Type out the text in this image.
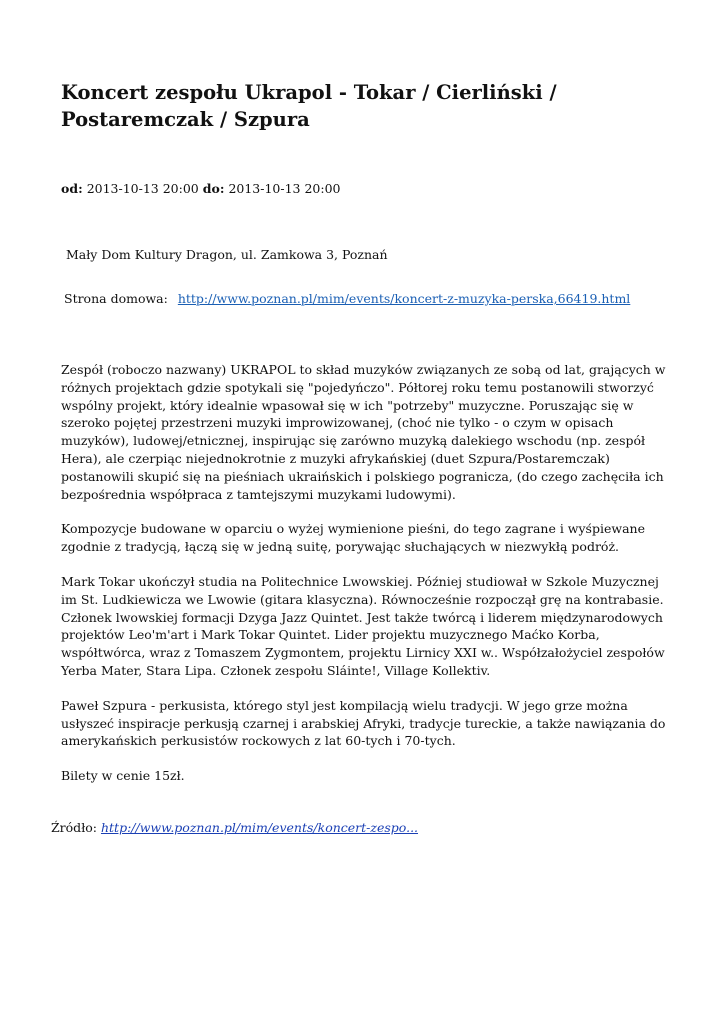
Koncert zespołu Ukrapol - Tokar / Cierliński / Postaremczak / Szpura
od: 2013-10-13 20:00 do: 2013-10-13 20:00
Mały Dom Kultury Dragon, ul. Zamkowa 3, Poznań
Strona domowa: http://www.poznan.pl/mim/events/koncert-z-muzyka-perska,66419.html

Zespół (roboczo nazwany) UKRAPOL to skład muzyków związanych ze sobą od lat, grających w różnych projektach gdzie spotykali się "pojedyńczo". Półtorej roku temu postanowili stworzyć wspólny projekt, który idealnie wpasował się w ich "potrzeby" muzyczne. Poruszając się w szeroko pojętej przestrzeni muzyki improwizowanej, (choć nie tylko - o czym w opisach muzyków), ludowej/etnicznej, inspirując się zarówno muzyką dalekiego wschodu (np. zespół Hera), ale czerpiąc niejednokrotnie z muzyki afrykańskiej (duet Szpura/Postaremczak) postanowili skupić się na pieśniach ukraińskich i polskiego pogranicza, (do czego zachęciła ich bezpośrednia współpraca z tamtejszymi muzykami ludowymi).

Kompozycje budowane w oparciu o wyżej wymienione pieśni, do tego zagrane i wyśpiewane zgodnie z tradycją, łączą się w jedną suitę, porywając słuchających w niezwykłą podróż.

Mark Tokar ukończył studia na Politechnice Lwowskiej. Później studiował w Szkole Muzycznej im St. Ludkiewicza we Lwowie (gitara klasyczna). Równocześnie rozpoczął grę na kontrabasie. Członek lwowskiej formacji Dzyga Jazz Quintet. Jest także twórcą i liderem międzynarodowych projektów Leo'm'art i Mark Tokar Quintet. Lider projektu muzycznego Maćko Korba, współtwórca, wraz z Tomaszem Zygmontem, projektu Lirnicy XXI w.. Współzałożyciel zespołów Yerba Mater, Stara Lipa. Członek zespołu Sláinte!, Village Kollektiv.

Paweł Szpura - perkusista, którego styl jest kompilacją wielu tradycji. W jego grze można usłyszeć inspiracje perkusją czarnej i arabskiej Afryki, tradycje tureckie, a także nawiązania do amerykańskich perkusistów rockowych z lat 60-tych i 70-tych.

Bilety w cenie 15zł.

Źródło: http://www.poznan.pl/mim/events/koncert-zespo...
